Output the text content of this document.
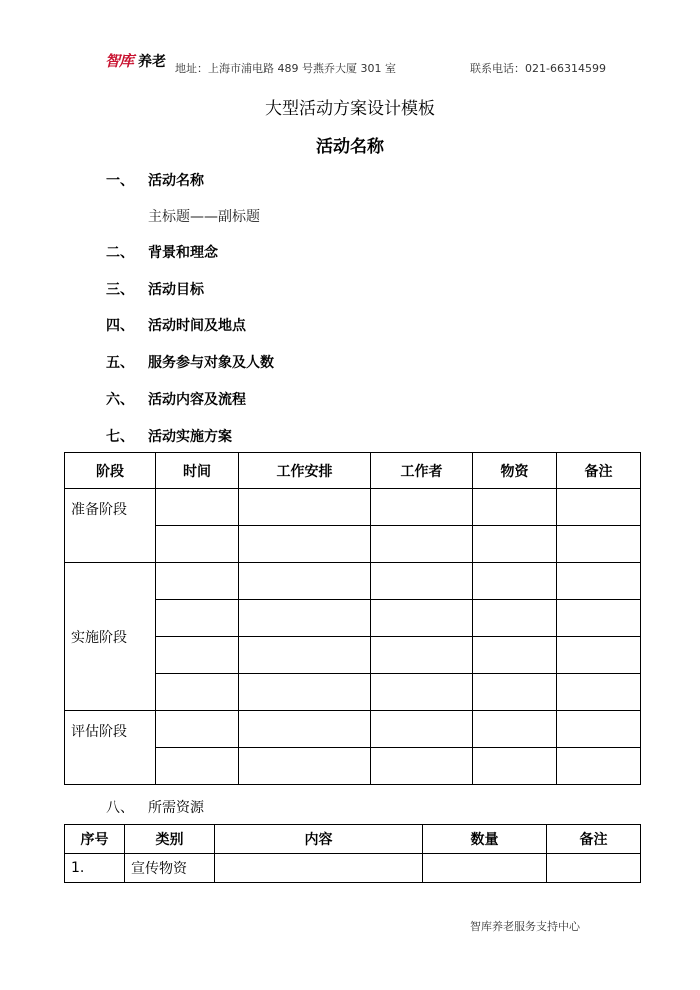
智库 养老 地址：上海市浦电路 489 号燕乔大厦 301 室	联系电话：021-66314599
大型活动方案设计模板
活动名称
一、 活动名称
主标题——副标题
二、 背景和理念
三、 活动目标
四、 活动时间及地点
五、 服务参与对象及人数
六、 活动内容及流程
七、 活动实施方案
阶段	时间	工作安排	工作者	物资	备注
准备阶段					

实施阶段					

评估阶段					

八、 所需资源
序号	类别	内容	数量	备注
1.	宣传物资			
智库养老服务支持中心
